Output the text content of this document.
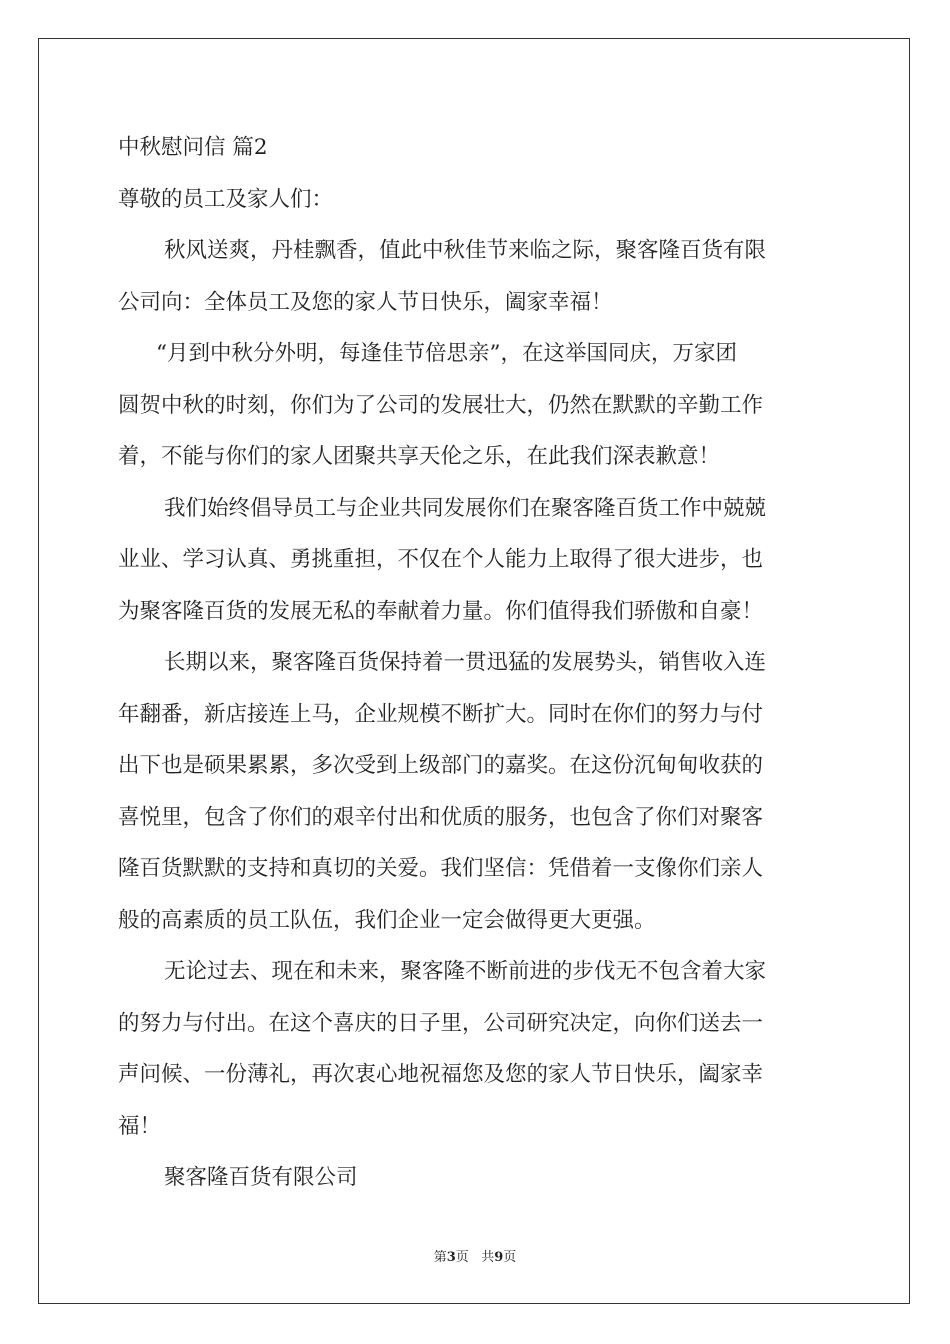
中秋慰问信 篇2

尊敬的员工及家人们：

秋风送爽，丹桂飘香，值此中秋佳节来临之际，聚客隆百货有限

公司向：全体员工及您的家人节日快乐，阖家幸福！

“月到中秋分外明，每逢佳节倍思亲”，在这举国同庆，万家团

圆贺中秋的时刻，你们为了公司的发展壮大，仍然在默默的辛勤工作

着，不能与你们的家人团聚共享天伦之乐，在此我们深表歉意！

我们始终倡导员工与企业共同发展你们在聚客隆百货工作中兢兢

业业、学习认真、勇挑重担，不仅在个人能力上取得了很大进步，也

为聚客隆百货的发展无私的奉献着力量。你们值得我们骄傲和自豪！

长期以来，聚客隆百货保持着一贯迅猛的发展势头，销售收入连

年翻番，新店接连上马，企业规模不断扩大。同时在你们的努力与付

出下也是硕果累累，多次受到上级部门的嘉奖。在这份沉甸甸收获的

喜悦里，包含了你们的艰辛付出和优质的服务，也包含了你们对聚客

隆百货默默的支持和真切的关爱。我们坚信：凭借着一支像你们亲人

般的高素质的员工队伍，我们企业一定会做得更大更强。

无论过去、现在和未来，聚客隆不断前进的步伐无不包含着大家

的努力与付出。在这个喜庆的日子里，公司研究决定，向你们送去一

声问候、一份薄礼，再次衷心地祝福您及您的家人节日快乐，阖家幸

福！

聚客隆百货有限公司

第3页   共9页
